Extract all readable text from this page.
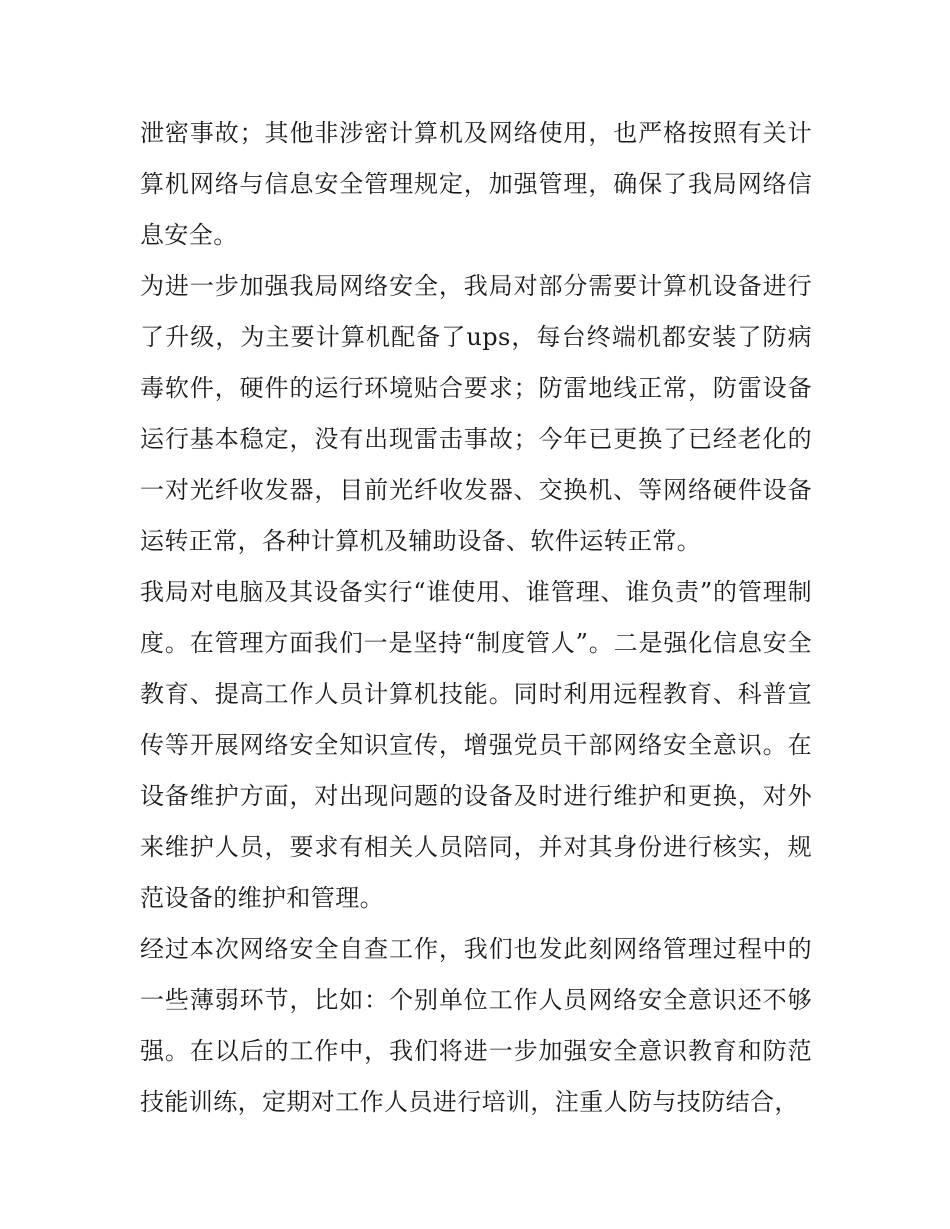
泄密事故；其他非涉密计算机及网络使用，也严格按照有关计算机网络与信息安全管理规定，加强管理，确保了我局网络信息安全。

为进一步加强我局网络安全，我局对部分需要计算机设备进行了升级，为主要计算机配备了ups，每台终端机都安装了防病毒软件，硬件的运行环境贴合要求；防雷地线正常，防雷设备运行基本稳定，没有出现雷击事故；今年已更换了已经老化的一对光纤收发器，目前光纤收发器、交换机、等网络硬件设备运转正常，各种计算机及辅助设备、软件运转正常。

我局对电脑及其设备实行“谁使用、谁管理、谁负责”的管理制度。在管理方面我们一是坚持“制度管人”。二是强化信息安全教育、提高工作人员计算机技能。同时利用远程教育、科普宣传等开展网络安全知识宣传，增强党员干部网络安全意识。在设备维护方面，对出现问题的设备及时进行维护和更换，对外来维护人员，要求有相关人员陪同，并对其身份进行核实，规范设备的维护和管理。

经过本次网络安全自查工作，我们也发此刻网络管理过程中的一些薄弱环节，比如：个别单位工作人员网络安全意识还不够强。在以后的工作中，我们将进一步加强安全意识教育和防范技能训练，定期对工作人员进行培训，注重人防与技防结合，
